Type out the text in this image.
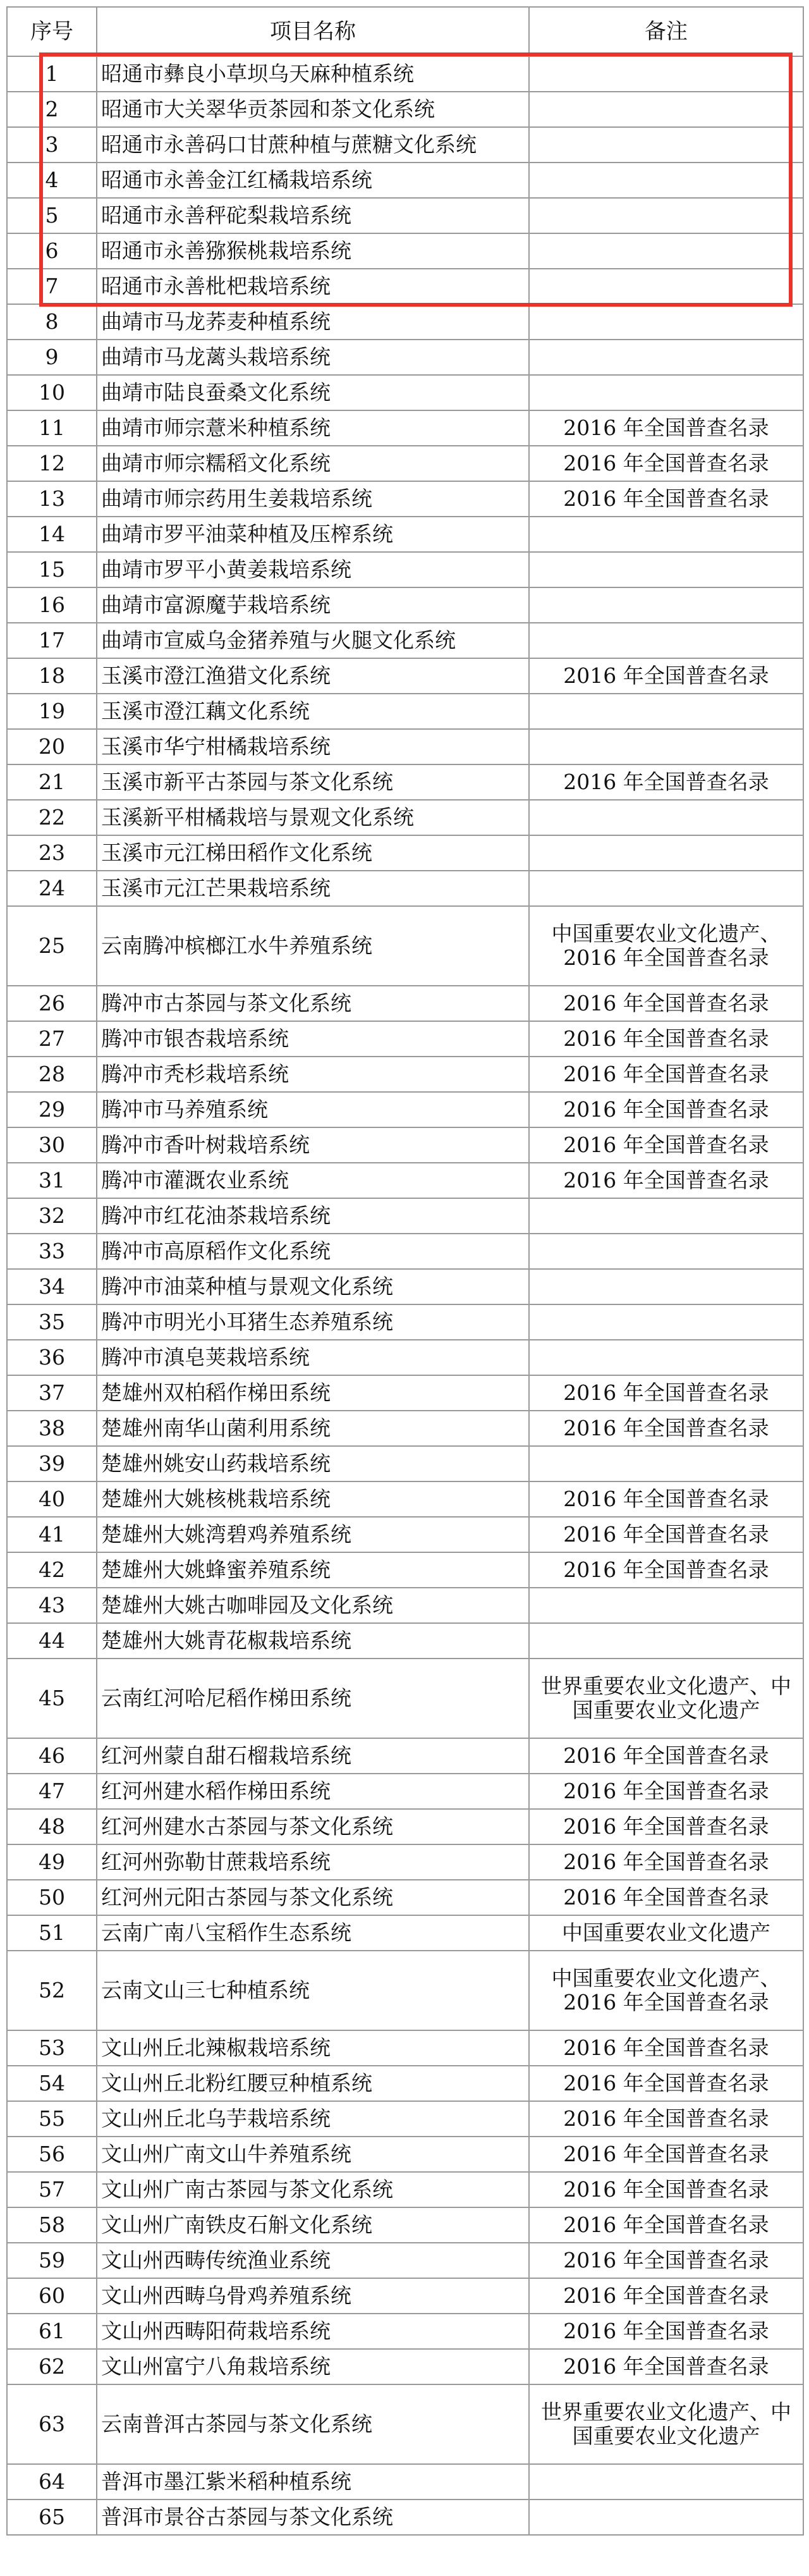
序号	项目名称	备注
1	昭通市彝良小草坝乌天麻种植系统	
2	昭通市大关翠华贡茶园和茶文化系统	
3	昭通市永善码口甘蔗种植与蔗糖文化系统	
4	昭通市永善金江红橘栽培系统	
5	昭通市永善秤砣梨栽培系统	
6	昭通市永善猕猴桃栽培系统	
7	昭通市永善枇杷栽培系统	
8	曲靖市马龙荞麦种植系统	
9	曲靖市马龙蓠头栽培系统	
10	曲靖市陆良蚕桑文化系统	
11	曲靖市师宗薏米种植系统	2016 年全国普查名录
12	曲靖市师宗糯稻文化系统	2016 年全国普查名录
13	曲靖市师宗药用生姜栽培系统	2016 年全国普查名录
14	曲靖市罗平油菜种植及压榨系统	
15	曲靖市罗平小黄姜栽培系统	
16	曲靖市富源魔芋栽培系统	
17	曲靖市宣威乌金猪养殖与火腿文化系统	
18	玉溪市澄江渔猎文化系统	2016 年全国普查名录
19	玉溪市澄江藕文化系统	
20	玉溪市华宁柑橘栽培系统	
21	玉溪市新平古茶园与茶文化系统	2016 年全国普查名录
22	玉溪新平柑橘栽培与景观文化系统	
23	玉溪市元江梯田稻作文化系统	
24	玉溪市元江芒果栽培系统	
25	云南腾冲槟榔江水牛养殖系统	中国重要农业文化遗产、2016 年全国普查名录
26	腾冲市古茶园与茶文化系统	2016 年全国普查名录
27	腾冲市银杏栽培系统	2016 年全国普查名录
28	腾冲市秃杉栽培系统	2016 年全国普查名录
29	腾冲市马养殖系统	2016 年全国普查名录
30	腾冲市香叶树栽培系统	2016 年全国普查名录
31	腾冲市灌溉农业系统	2016 年全国普查名录
32	腾冲市红花油茶栽培系统	
33	腾冲市高原稻作文化系统	
34	腾冲市油菜种植与景观文化系统	
35	腾冲市明光小耳猪生态养殖系统	
36	腾冲市滇皂荚栽培系统	
37	楚雄州双柏稻作梯田系统	2016 年全国普查名录
38	楚雄州南华山菌利用系统	2016 年全国普查名录
39	楚雄州姚安山药栽培系统	
40	楚雄州大姚核桃栽培系统	2016 年全国普查名录
41	楚雄州大姚湾碧鸡养殖系统	2016 年全国普查名录
42	楚雄州大姚蜂蜜养殖系统	2016 年全国普查名录
43	楚雄州大姚古咖啡园及文化系统	
44	楚雄州大姚青花椒栽培系统	
45	云南红河哈尼稻作梯田系统	世界重要农业文化遗产、中国重要农业文化遗产
46	红河州蒙自甜石榴栽培系统	2016 年全国普查名录
47	红河州建水稻作梯田系统	2016 年全国普查名录
48	红河州建水古茶园与茶文化系统	2016 年全国普查名录
49	红河州弥勒甘蔗栽培系统	2016 年全国普查名录
50	红河州元阳古茶园与茶文化系统	2016 年全国普查名录
51	云南广南八宝稻作生态系统	中国重要农业文化遗产
52	云南文山三七种植系统	中国重要农业文化遗产、2016 年全国普查名录
53	文山州丘北辣椒栽培系统	2016 年全国普查名录
54	文山州丘北粉红腰豆种植系统	2016 年全国普查名录
55	文山州丘北乌芋栽培系统	2016 年全国普查名录
56	文山州广南文山牛养殖系统	2016 年全国普查名录
57	文山州广南古茶园与茶文化系统	2016 年全国普查名录
58	文山州广南铁皮石斛文化系统	2016 年全国普查名录
59	文山州西畴传统渔业系统	2016 年全国普查名录
60	文山州西畴乌骨鸡养殖系统	2016 年全国普查名录
61	文山州西畴阳荷栽培系统	2016 年全国普查名录
62	文山州富宁八角栽培系统	2016 年全国普查名录
63	云南普洱古茶园与茶文化系统	世界重要农业文化遗产、中国重要农业文化遗产
64	普洱市墨江紫米稻种植系统	
65	普洱市景谷古茶园与茶文化系统	
